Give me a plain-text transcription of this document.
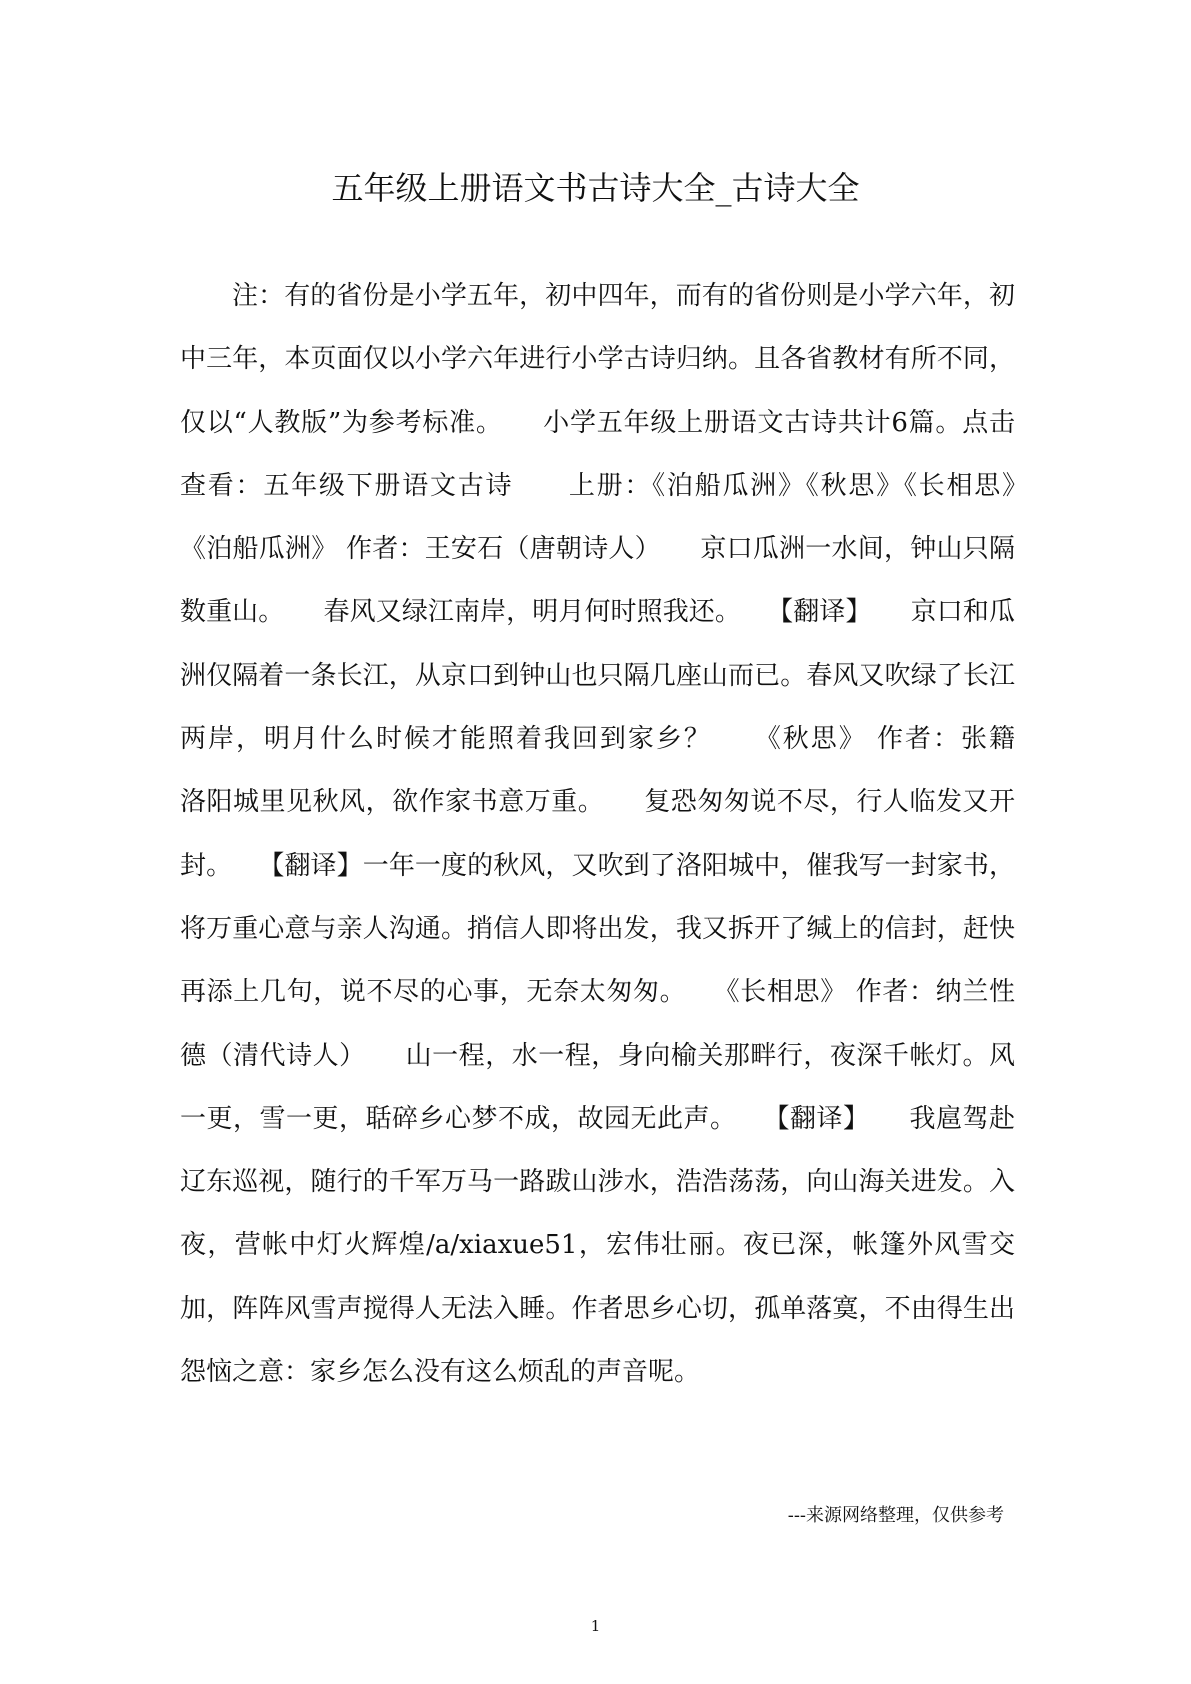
五年级上册语文书古诗大全_古诗大全

注：有的省份是小学五年，初中四年，而有的省份则是小学六年，初中三年，本页面仅以小学六年进行小学古诗归纳。且各省教材有所不同，仅以“人教版”为参考标准。　　小学五年级上册语文古诗共计6篇。点击查看：五年级下册语文古诗　　上册：《泊船瓜洲》《秋思》《长相思》　　《泊船瓜洲》 作者：王安石（唐朝诗人）　　京口瓜洲一水间，钟山只隔数重山。　　春风又绿江南岸，明月何时照我还。　　【翻译】　　京口和瓜洲仅隔着一条长江，从京口到钟山也只隔几座山而已。春风又吹绿了长江两岸，明月什么时候才能照着我回到家乡？　　《秋思》 作者：张籍　　洛阳城里见秋风，欲作家书意万重。　　复恐匆匆说不尽，行人临发又开封。　　【翻译】一年一度的秋风，又吹到了洛阳城中，催我写一封家书，将万重心意与亲人沟通。捎信人即将出发，我又拆开了缄上的信封，赶快再添上几句，说不尽的心事，无奈太匆匆。　　《长相思》 作者：纳兰性德（清代诗人）　　山一程，水一程，身向榆关那畔行，夜深千帐灯。风一更，雪一更，聒碎乡心梦不成，故园无此声。　　【翻译】　　我扈驾赴辽东巡视，随行的千军万马一路跋山涉水，浩浩荡荡，向山海关进发。入夜，营帐中灯火辉煌/a/xiaxue51，宏伟壮丽。夜已深，帐篷外风雪交加，阵阵风雪声搅得人无法入睡。作者思乡心切，孤单落寞，不由得生出怨恼之意：家乡怎么没有这么烦乱的声音呢。

---来源网络整理，仅供参考
1
